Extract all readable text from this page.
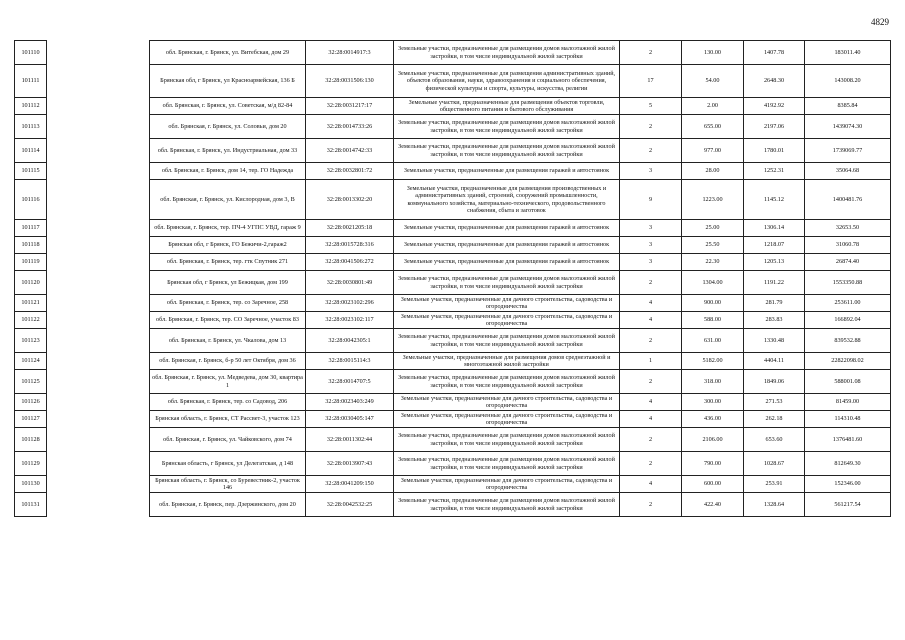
4829
101110		обл. Брянская, г. Брянск, ул. Витебская, дом 29	32:28:0014917:3	Земельные участки, предназначенные для размещения домов малоэтажной жилой застройки, в том числе индивидуальной жилой застройки	2	130.00	1407.78	183011.40
101111		Брянская обл, г Брянск, ул Красноармейская, 136 Б	32:28:0031506:130	Земельные участки, предназначенные для размещения административных зданий, объектов образования, науки, здравоохранения и социального обеспечения, физической культуры и спорта, культуры, искусства, религии	17	54.00	2648.30	143008.20
101112		обл. Брянская, г. Брянск, ул. Советская, м/д 82-84	32:28:0031217:17	Земельные участки, предназначенные для размещения объектов торговли, общественного питания и бытового обслуживания	5	2.00	4192.92	8385.84
101113		обл. Брянская, г. Брянск, ул. Соловьи, дом 20	32:28:0014733:26	Земельные участки, предназначенные для размещения домов малоэтажной жилой застройки, в том числе индивидуальной жилой застройки	2	655.00	2197.06	1439074.30
101114		обл. Брянская, г. Брянск, ул. Индустриальная, дом 33	32:28:0014742:33	Земельные участки, предназначенные для размещения домов малоэтажной жилой застройки, в том числе индивидуальной жилой застройки	2	977.00	1780.01	1739069.77
101115		обл. Брянская, г. Брянск, дом 14, тер. ГО Надежда	32:28:0032801:72	Земельные участки, предназначенные для размещения гаражей и автостоянок	3	28.00	1252.31	35064.68
101116		обл. Брянская, г. Брянск, ул. Кислородная, дом 3, В	32:28:0013302:20	Земельные участки, предназначенные для размещения производственных и административных зданий, строений, сооружений промышленности, коммунального хозяйства, материально-технического, продовольственного снабжения, сбыта и заготовок	9	1223.00	1145.12	1400481.76
101117		обл. Брянская, г. Брянск, тер. ПЧ-4 УГПС УВД, гараж 9	32:28:0021205:18	Земельные участки, предназначенные для размещения гаражей и автостоянок	3	25.00	1306.14	32653.50
101118		Брянская обл, г Брянск, ГО Бежичи-2,гараж2	32:28:0015728:316	Земельные участки, предназначенные для размещения гаражей и автостоянок	3	25.50	1218.07	31060.78
101119		обл. Брянская, г. Брянск, тер. гтк Спутник 271	32:28:0041506:272	Земельные участки, предназначенные для размещения гаражей и автостоянок	3	22.30	1205.13	26874.40
101120		Брянская обл, г Брянск, ул Бежицкая, дом 199	32:28:0030801:49	Земельные участки, предназначенные для размещения домов малоэтажной жилой застройки, в том числе индивидуальной жилой застройки	2	1304.00	1191.22	1553350.88
101121		обл. Брянская, г. Брянск, тер. со Заречное, 258	32:28:0023102:296	Земельные участки, предназначенные для дачного строительства, садоводства и огородничества	4	900.00	281.79	253611.00
101122		обл. Брянская, г. Брянск, тер. СО Заречное, участок 83	32:28:0023102:117	Земельные участки, предназначенные для дачного строительства, садоводства и огородничества	4	588.00	283.83	166892.04
101123		обл. Брянская, г. Брянск, ул. Чкалова, дом 13	32:28:0042305:1	Земельные участки, предназначенные для размещения домов малоэтажной жилой застройки, в том числе индивидуальной жилой застройки	2	631.00	1330.48	839532.88
101124		обл. Брянская, г. Брянск, б-р 50 лет Октября, дом 36	32:28:0015114:3	Земельные участки, предназначенные для размещения домов среднеэтажной и многоэтажной жилой застройки	1	5182.00	4404.11	22822098.02
101125		обл. Брянская, г. Брянск, ул. Медведева, дом 30, квартира 1	32:28:0014707:5	Земельные участки, предназначенные для размещения домов малоэтажной жилой застройки, в том числе индивидуальной жилой застройки	2	318.00	1849.06	588001.08
101126		обл. Брянская, г. Брянск, тер. со Садовод, 206	32:28:0023403:249	Земельные участки, предназначенные для дачного строительства, садоводства и огородничества	4	300.00	271.53	81459.00
101127		Брянская область, г. Брянск, СТ Рассвет-3, участок 123	32:28:0030405:147	Земельные участки, предназначенные для дачного строительства, садоводства и огородничества	4	436.00	262.18	114310.48
101128		обл. Брянская, г. Брянск, ул. Чайковского, дом 74	32:28:0011302:44	Земельные участки, предназначенные для размещения домов малоэтажной жилой застройки, в том числе индивидуальной жилой застройки	2	2106.00	653.60	1376481.60
101129		Брянская область, г Брянск, ул Делегатская, д 148	32:28:0013907:43	Земельные участки, предназначенные для размещения домов малоэтажной жилой застройки, в том числе индивидуальной жилой застройки	2	790.00	1028.67	812649.30
101130		Брянская область, г. Брянск, со Буревестник-2, участок 146	32:28:0041209:150	Земельные участки, предназначенные для дачного строительства, садоводства и огородничества	4	600.00	253.91	152346.00
101131		обл. Брянская, г. Брянск, пер. Дзержинского, дом 20	32:28:0042532:25	Земельные участки, предназначенные для размещения домов малоэтажной жилой застройки, в том числе индивидуальной жилой застройки	2	422.40	1328.64	561217.54
